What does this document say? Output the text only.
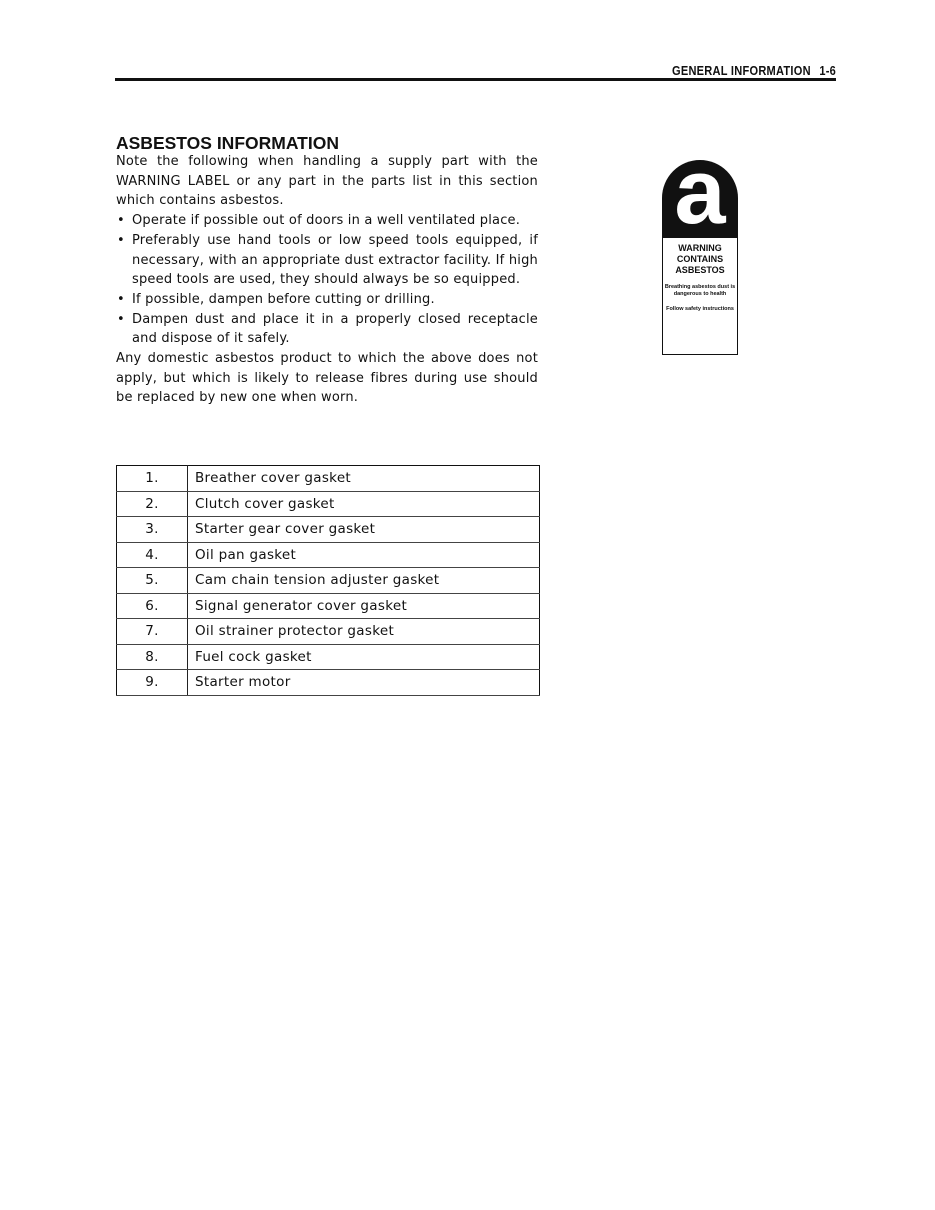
GENERAL INFORMATION 1-6
ASBESTOS INFORMATION

Note the following when handling a supply part with the WARNING LABEL or any part in the parts list in this section which contains asbestos.

• Operate if possible out of doors in a well ventilated place.
• Preferably use hand tools or low speed tools equipped, if necessary, with an appropriate dust extractor facility. If high speed tools are used, they should always be so equipped.
• If possible, dampen before cutting or drilling.
• Dampen dust and place it in a properly closed receptacle and dispose of it safely.

Any domestic asbestos product to which the above does not apply, but which is likely to release fibres during use should be replaced by new one when worn.

a
WARNING
CONTAINS
ASBESTOS
Breathing asbestos dust is dangerous to health
Follow safety instructions
1.	Breather cover gasket
2.	Clutch cover gasket
3.	Starter gear cover gasket
4.	Oil pan gasket
5.	Cam chain tension adjuster gasket
6.	Signal generator cover gasket
7.	Oil strainer protector gasket
8.	Fuel cock gasket
9.	Starter motor
